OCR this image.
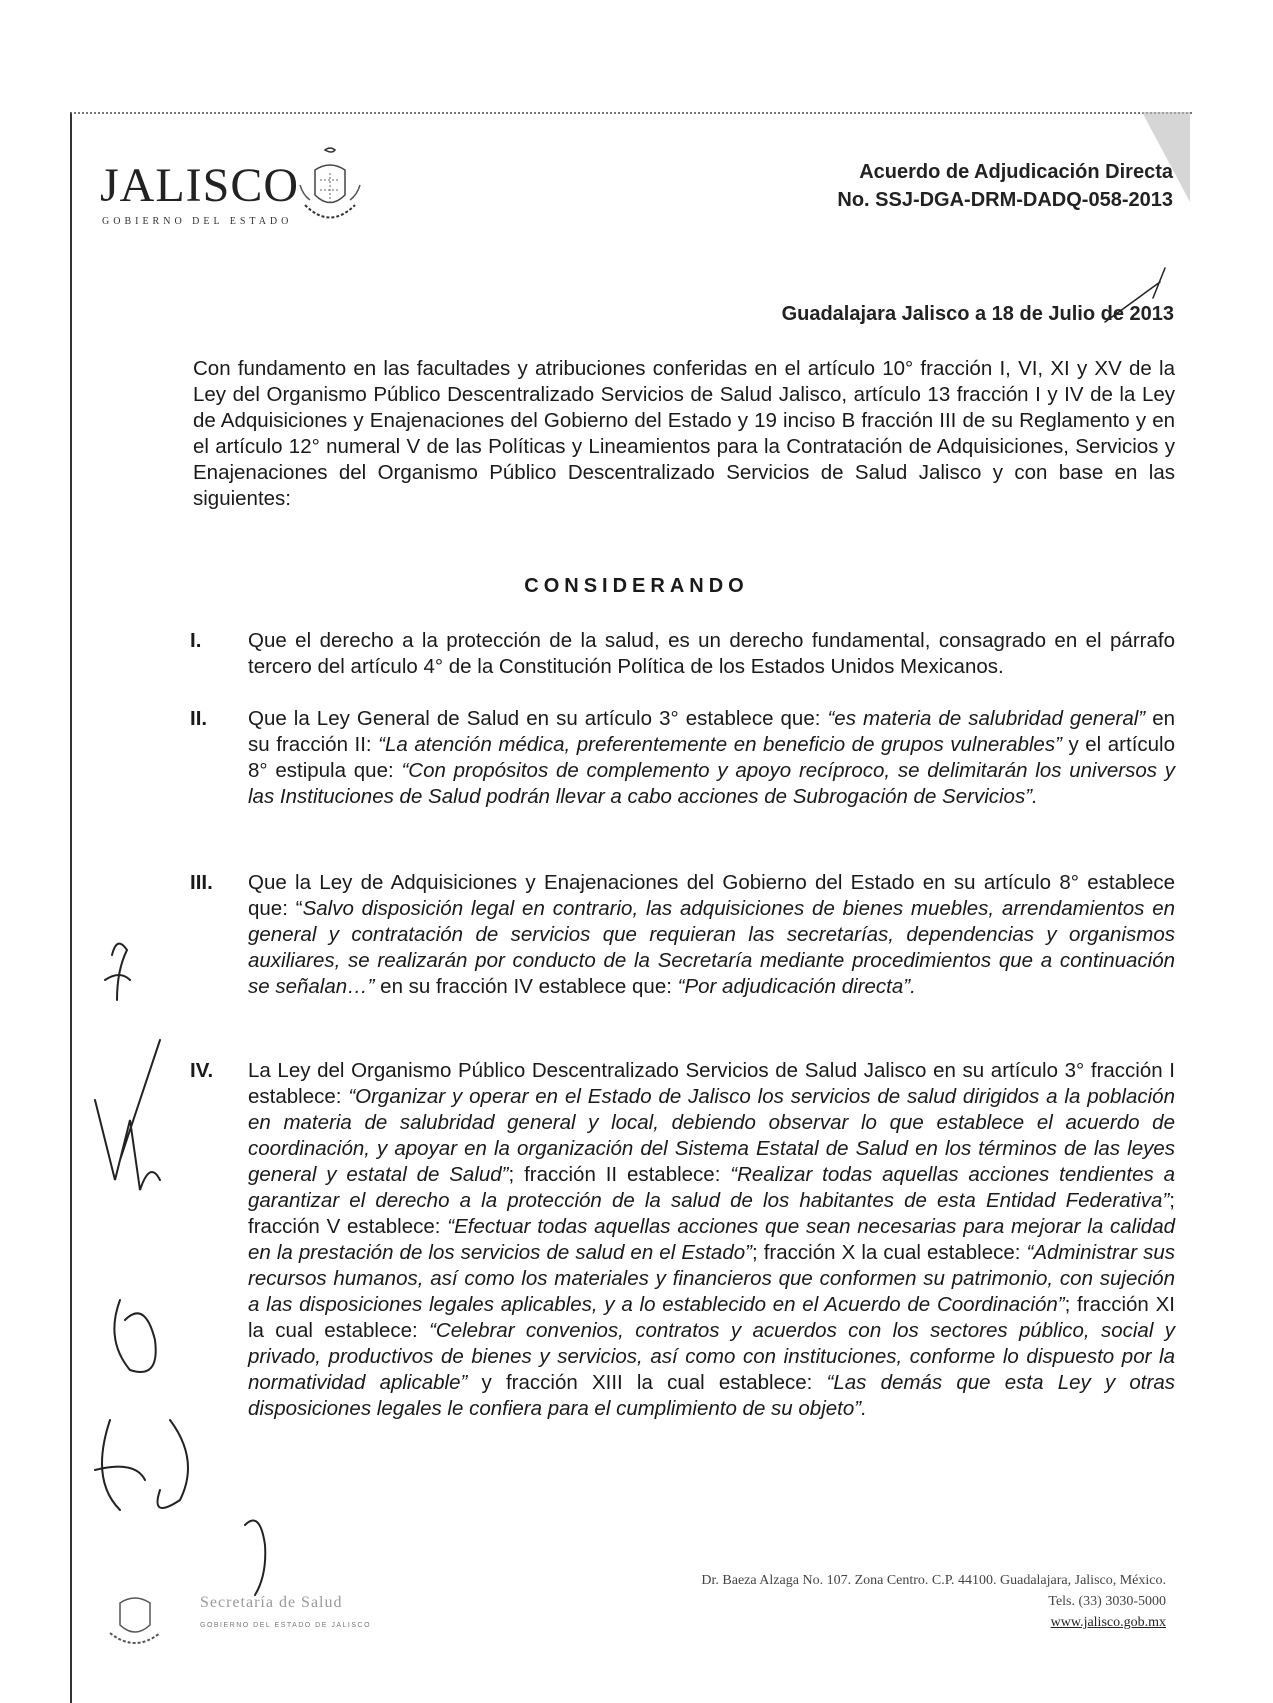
JALISCO
GOBIERNO DEL ESTADO
Acuerdo de Adjudicación Directa
No. SSJ-DGA-DRM-DADQ-058-2013
Guadalajara Jalisco a 18 de Julio de 2013
Con fundamento en las facultades y atribuciones conferidas en el artículo 10° fracción I, VI, XI y XV de la Ley del Organismo Público Descentralizado Servicios de Salud Jalisco, artículo 13 fracción I y IV de la Ley de Adquisiciones y Enajenaciones del Gobierno del Estado y 19 inciso B fracción III de su Reglamento y en el artículo 12° numeral V de las Políticas y Lineamientos para la Contratación de Adquisiciones, Servicios y Enajenaciones del Organismo Público Descentralizado Servicios de Salud Jalisco y con base en las siguientes:
CONSIDERANDO
I. Que el derecho a la protección de la salud, es un derecho fundamental, consagrado en el párrafo tercero del artículo 4° de la Constitución Política de los Estados Unidos Mexicanos.
II. Que la Ley General de Salud en su artículo 3° establece que: “es materia de salubridad general” en su fracción II: “La atención médica, preferentemente en beneficio de grupos vulnerables” y el artículo 8° estipula que: “Con propósitos de complemento y apoyo recíproco, se delimitarán los universos y las Instituciones de Salud podrán llevar a cabo acciones de Subrogación de Servicios”.
III. Que la Ley de Adquisiciones y Enajenaciones del Gobierno del Estado en su artículo 8° establece que: “Salvo disposición legal en contrario, las adquisiciones de bienes muebles, arrendamientos en general y contratación de servicios que requieran las secretarías, dependencias y organismos auxiliares, se realizarán por conducto de la Secretaría mediante procedimientos que a continuación se señalan…” en su fracción IV establece que: “Por adjudicación directa”.
IV. La Ley del Organismo Público Descentralizado Servicios de Salud Jalisco en su artículo 3° fracción I establece: “Organizar y operar en el Estado de Jalisco los servicios de salud dirigidos a la población en materia de salubridad general y local, debiendo observar lo que establece el acuerdo de coordinación, y apoyar en la organización del Sistema Estatal de Salud en los términos de las leyes general y estatal de Salud”; fracción II establece: “Realizar todas aquellas acciones tendientes a garantizar el derecho a la protección de la salud de los habitantes de esta Entidad Federativa”; fracción V establece: “Efectuar todas aquellas acciones que sean necesarias para mejorar la calidad en la prestación de los servicios de salud en el Estado”; fracción X la cual establece: “Administrar sus recursos humanos, así como los materiales y financieros que conformen su patrimonio, con sujeción a las disposiciones legales aplicables, y a lo establecido en el Acuerdo de Coordinación”; fracción XI la cual establece: “Celebrar convenios, contratos y acuerdos con los sectores público, social y privado, productivos de bienes y servicios, así como con instituciones, conforme lo dispuesto por la normatividad aplicable” y fracción XIII la cual establece: “Las demás que esta Ley y otras disposiciones legales le confiera para el cumplimiento de su objeto”.
Secretaría de Salud
GOBIERNO DEL ESTADO DE JALISCO
Dr. Baeza Alzaga No. 107. Zona Centro. C.P. 44100. Guadalajara, Jalisco, México.
Tels. (33) 3030-5000
www.jalisco.gob.mx
